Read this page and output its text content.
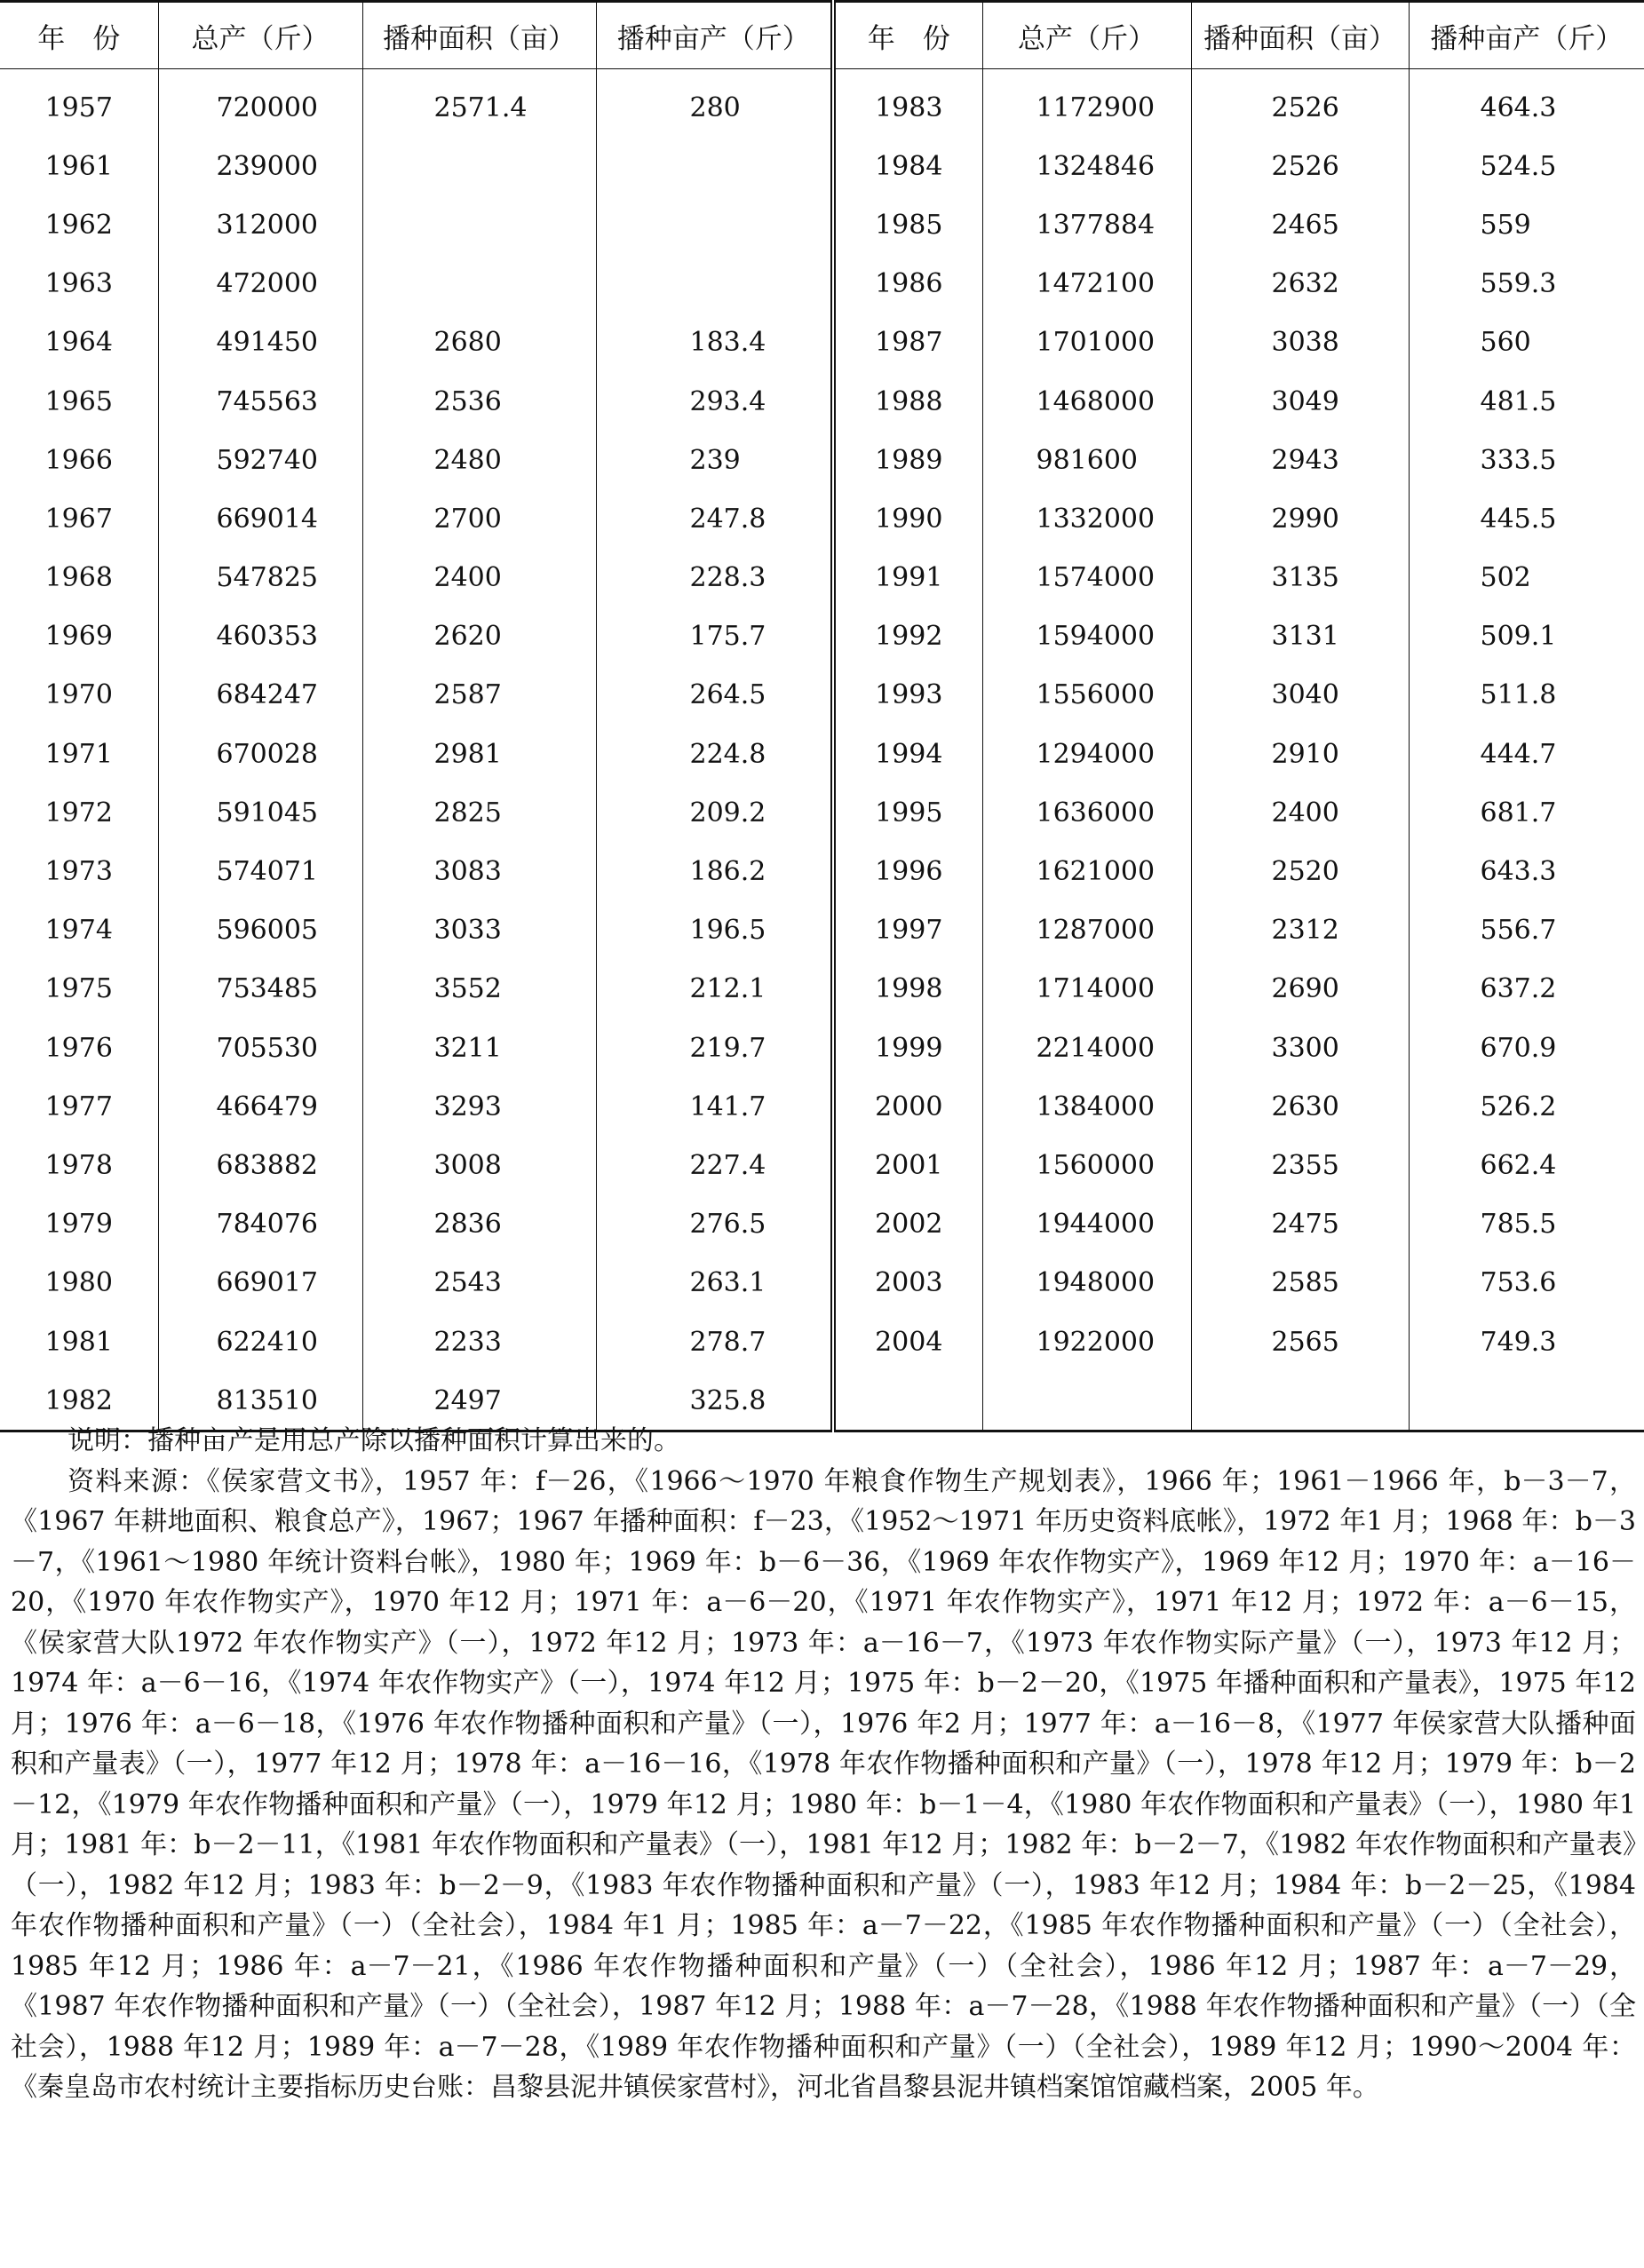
年　份	总产（斤）	播种面积（亩）	播种亩产（斤）	年　份	总产（斤）	播种面积（亩）	播种亩产（斤）
1957	720000	2571.4	280	1983	1172900	2526	464.3
1961	239000			1984	1324846	2526	524.5
1962	312000			1985	1377884	2465	559
1963	472000			1986	1472100	2632	559.3
1964	491450	2680	183.4	1987	1701000	3038	560
1965	745563	2536	293.4	1988	1468000	3049	481.5
1966	592740	2480	239	1989	981600	2943	333.5
1967	669014	2700	247.8	1990	1332000	2990	445.5
1968	547825	2400	228.3	1991	1574000	3135	502
1969	460353	2620	175.7	1992	1594000	3131	509.1
1970	684247	2587	264.5	1993	1556000	3040	511.8
1971	670028	2981	224.8	1994	1294000	2910	444.7
1972	591045	2825	209.2	1995	1636000	2400	681.7
1973	574071	3083	186.2	1996	1621000	2520	643.3
1974	596005	3033	196.5	1997	1287000	2312	556.7
1975	753485	3552	212.1	1998	1714000	2690	637.2
1976	705530	3211	219.7	1999	2214000	3300	670.9
1977	466479	3293	141.7	2000	1384000	2630	526.2
1978	683882	3008	227.4	2001	1560000	2355	662.4
1979	784076	2836	276.5	2002	1944000	2475	785.5
1980	669017	2543	263.1	2003	1948000	2585	753.6
1981	622410	2233	278.7	2004	1922000	2565	749.3
1982	813510	2497	325.8				

说明：播种亩产是用总产除以播种面积计算出来的。

资料来源：《侯家营文书》，1957 年：f－26，《1966～1970 年粮食作物生产规划表》，1966 年；1961－1966 年，b－3－7，《1967 年耕地面积、粮食总产》，1967；1967 年播种面积：f－23，《1952～1971 年历史资料底帐》，1972 年1 月；1968 年：b－3－7，《1961～1980 年统计资料台帐》，1980 年；1969 年：b－6－36，《1969 年农作物实产》，1969 年12 月；1970 年：a－16－20，《1970 年农作物实产》，1970 年12 月；1971 年：a－6－20，《1971 年农作物实产》，1971 年12 月；1972 年：a－6－15，《侯家营大队1972 年农作物实产》（一），1972 年12 月；1973 年：a－16－7，《1973 年农作物实际产量》（一），1973 年12 月；1974 年：a－6－16，《1974 年农作物实产》（一），1974 年12 月；1975 年：b－2－20，《1975 年播种面积和产量表》，1975 年12 月；1976 年：a－6－18，《1976 年农作物播种面积和产量》（一），1976 年2 月；1977 年：a－16－8，《1977 年侯家营大队播种面积和产量表》（一），1977 年12 月；1978 年：a－16－16，《1978 年农作物播种面积和产量》（一），1978 年12 月；1979 年：b－2－12，《1979 年农作物播种面积和产量》（一），1979 年12 月；1980 年：b－1－4，《1980 年农作物面积和产量表》（一），1980 年1 月；1981 年：b－2－11，《1981 年农作物面积和产量表》（一），1981 年12 月；1982 年：b－2－7，《1982 年农作物面积和产量表》（一），1982 年12 月；1983 年：b－2－9，《1983 年农作物播种面积和产量》（一），1983 年12 月；1984 年：b－2－25，《1984 年农作物播种面积和产量》（一）（全社会），1984 年1 月；1985 年：a－7－22，《1985 年农作物播种面积和产量》（一）（全社会），1985 年12 月；1986 年：a－7－21，《1986 年农作物播种面积和产量》（一）（全社会），1986 年12 月；1987 年：a－7－29，《1987 年农作物播种面积和产量》（一）（全社会），1987 年12 月；1988 年：a－7－28，《1988 年农作物播种面积和产量》（一）（全社会），1988 年12 月；1989 年：a－7－28，《1989 年农作物播种面积和产量》（一）（全社会），1989 年12 月；1990～2004 年：《秦皇岛市农村统计主要指标历史台账：昌黎县泥井镇侯家营村》，河北省昌黎县泥井镇档案馆馆藏档案，2005 年。
